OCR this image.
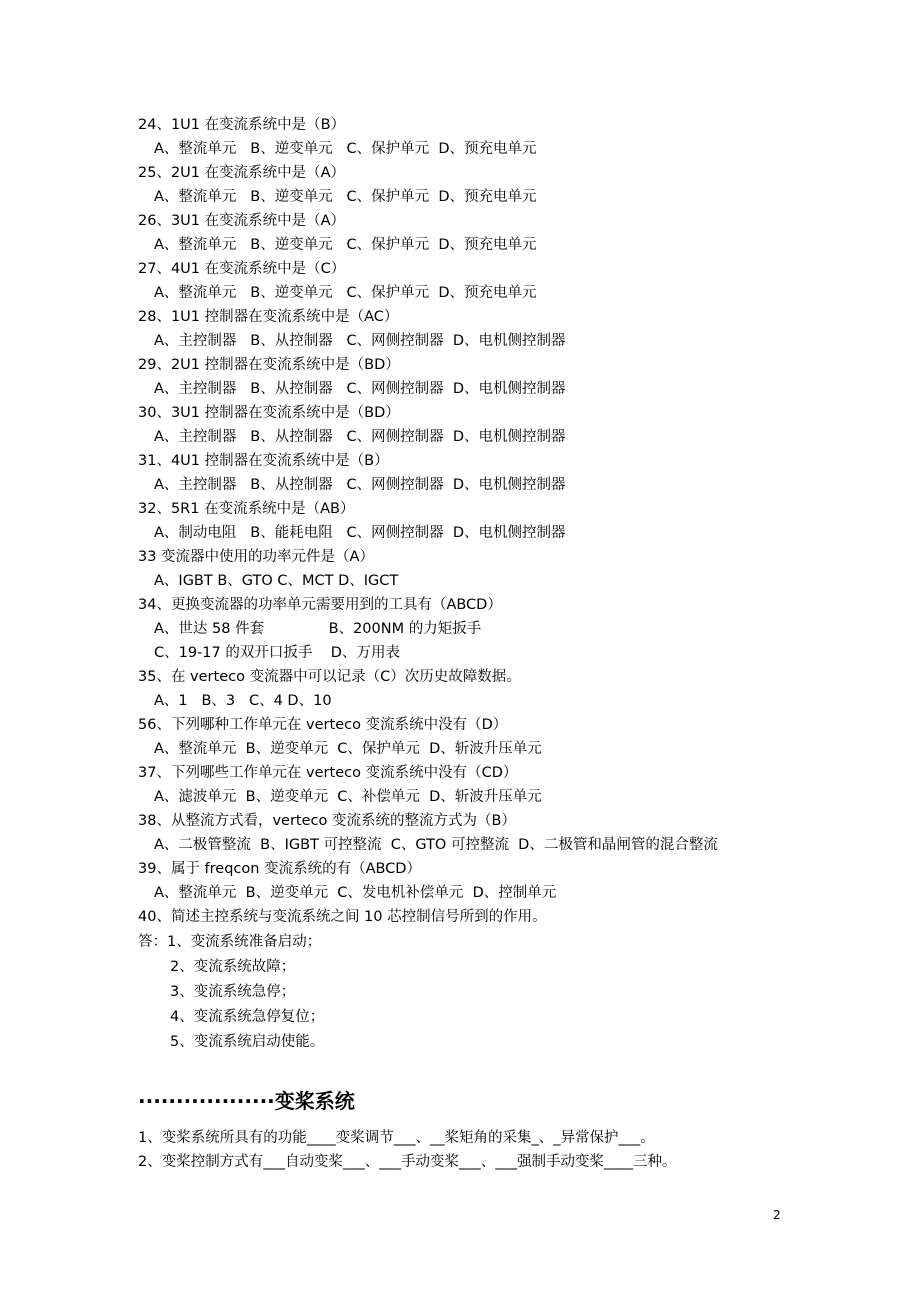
24、1U1 在变流系统中是（B）
A、整流单元   B、逆变单元   C、保护单元  D、预充电单元
25、2U1 在变流系统中是（A）
A、整流单元   B、逆变单元   C、保护单元  D、预充电单元
26、3U1 在变流系统中是（A）
A、整流单元   B、逆变单元   C、保护单元  D、预充电单元
27、4U1 在变流系统中是（C）
A、整流单元   B、逆变单元   C、保护单元  D、预充电单元
28、1U1 控制器在变流系统中是（AC）
A、主控制器   B、从控制器   C、网侧控制器  D、电机侧控制器
29、2U1 控制器在变流系统中是（BD）
A、主控制器   B、从控制器   C、网侧控制器  D、电机侧控制器
30、3U1 控制器在变流系统中是（BD）
A、主控制器   B、从控制器   C、网侧控制器  D、电机侧控制器
31、4U1 控制器在变流系统中是（B）
A、主控制器   B、从控制器   C、网侧控制器  D、电机侧控制器
32、5R1 在变流系统中是（AB）
A、制动电阻   B、能耗电阻   C、网侧控制器  D、电机侧控制器
33 变流器中使用的功率元件是（A）
A、IGBT B、GTO C、MCT D、IGCT
34、更换变流器的功率单元需要用到的工具有（ABCD）
A、世达 58 件套              B、200NM 的力矩扳手
C、19-17 的双开口扳手    D、万用表
35、在 verteco 变流器中可以记录（C）次历史故障数据。
A、1   B、3   C、4 D、10
56、下列哪种工作单元在 verteco 变流系统中没有（D）
A、整流单元  B、逆变单元  C、保护单元  D、斩波升压单元
37、下列哪些工作单元在 verteco 变流系统中没有（CD）
A、滤波单元  B、逆变单元  C、补偿单元  D、斩波升压单元
38、从整流方式看，verteco 变流系统的整流方式为（B）
A、二极管整流  B、IGBT 可控整流  C、GTO 可控整流  D、二极管和晶闸管的混合整流
39、属于 freqcon 变流系统的有（ABCD）
A、整流单元  B、逆变单元  C、发电机补偿单元  D、控制单元
40、简述主控系统与变流系统之间 10 芯控制信号所到的作用。
答：1、变流系统准备启动；
2、变流系统故障；
3、变流系统急停；
4、变流系统急停复位；
5、变流系统启动使能。
··················变桨系统
1、变桨系统所具有的功能____变桨调节___、__桨矩角的采集_、_异常保护___。
2、变桨控制方式有___自动变桨___、___手动变桨___、___强制手动变桨____三种。
2
